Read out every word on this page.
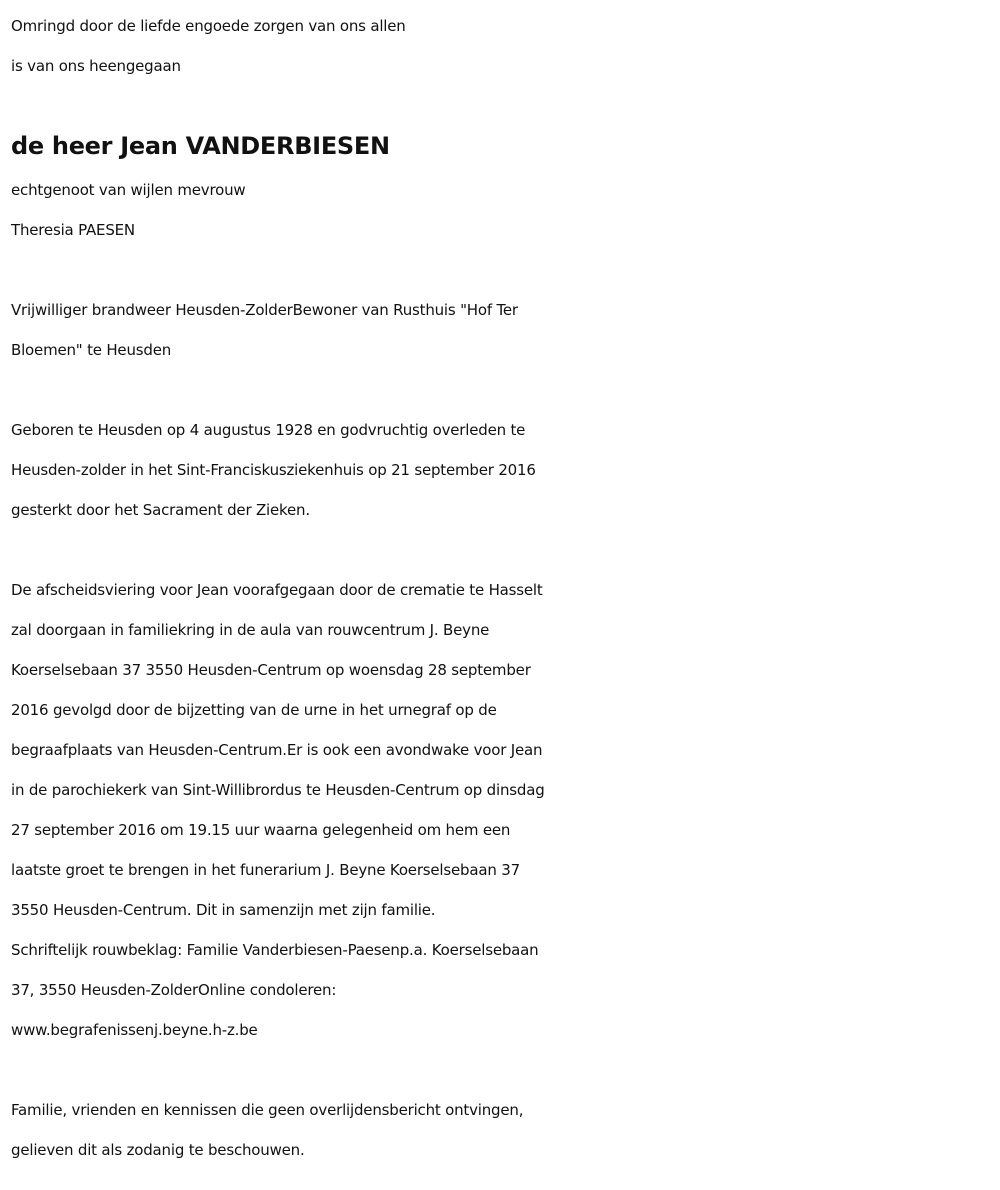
Omringd door de liefde engoede zorgen van ons allen
is van ons heengegaan
de heer Jean VANDERBIESEN
echtgenoot van wijlen mevrouw
Theresia PAESEN
Vrijwilliger brandweer Heusden-ZolderBewoner van Rusthuis "Hof Ter
Bloemen" te Heusden
Geboren te Heusden op 4 augustus 1928 en godvruchtig overleden te
Heusden-zolder in het Sint-Franciskusziekenhuis op 21 september 2016
gesterkt door het Sacrament der Zieken.
De afscheidsviering voor Jean voorafgegaan door de crematie te Hasselt
zal doorgaan in familiekring in de aula van rouwcentrum J. Beyne
Koerselsebaan 37 3550 Heusden-Centrum op woensdag 28 september
2016 gevolgd door de bijzetting van de urne in het urnegraf op de
begraafplaats van Heusden-Centrum.Er is ook een avondwake voor Jean
in de parochiekerk van Sint-Willibrordus te Heusden-Centrum op dinsdag
27 september 2016 om 19.15 uur waarna gelegenheid om hem een
laatste groet te brengen in het funerarium J. Beyne Koerselsebaan 37
3550 Heusden-Centrum. Dit in samenzijn met zijn familie.
Schriftelijk rouwbeklag: Familie Vanderbiesen-Paesenp.a. Koerselsebaan
37, 3550 Heusden-ZolderOnline condoleren:
www.begrafenissenj.beyne.h-z.be
Familie, vrienden en kennissen die geen overlijdensbericht ontvingen,
gelieven dit als zodanig te beschouwen.
